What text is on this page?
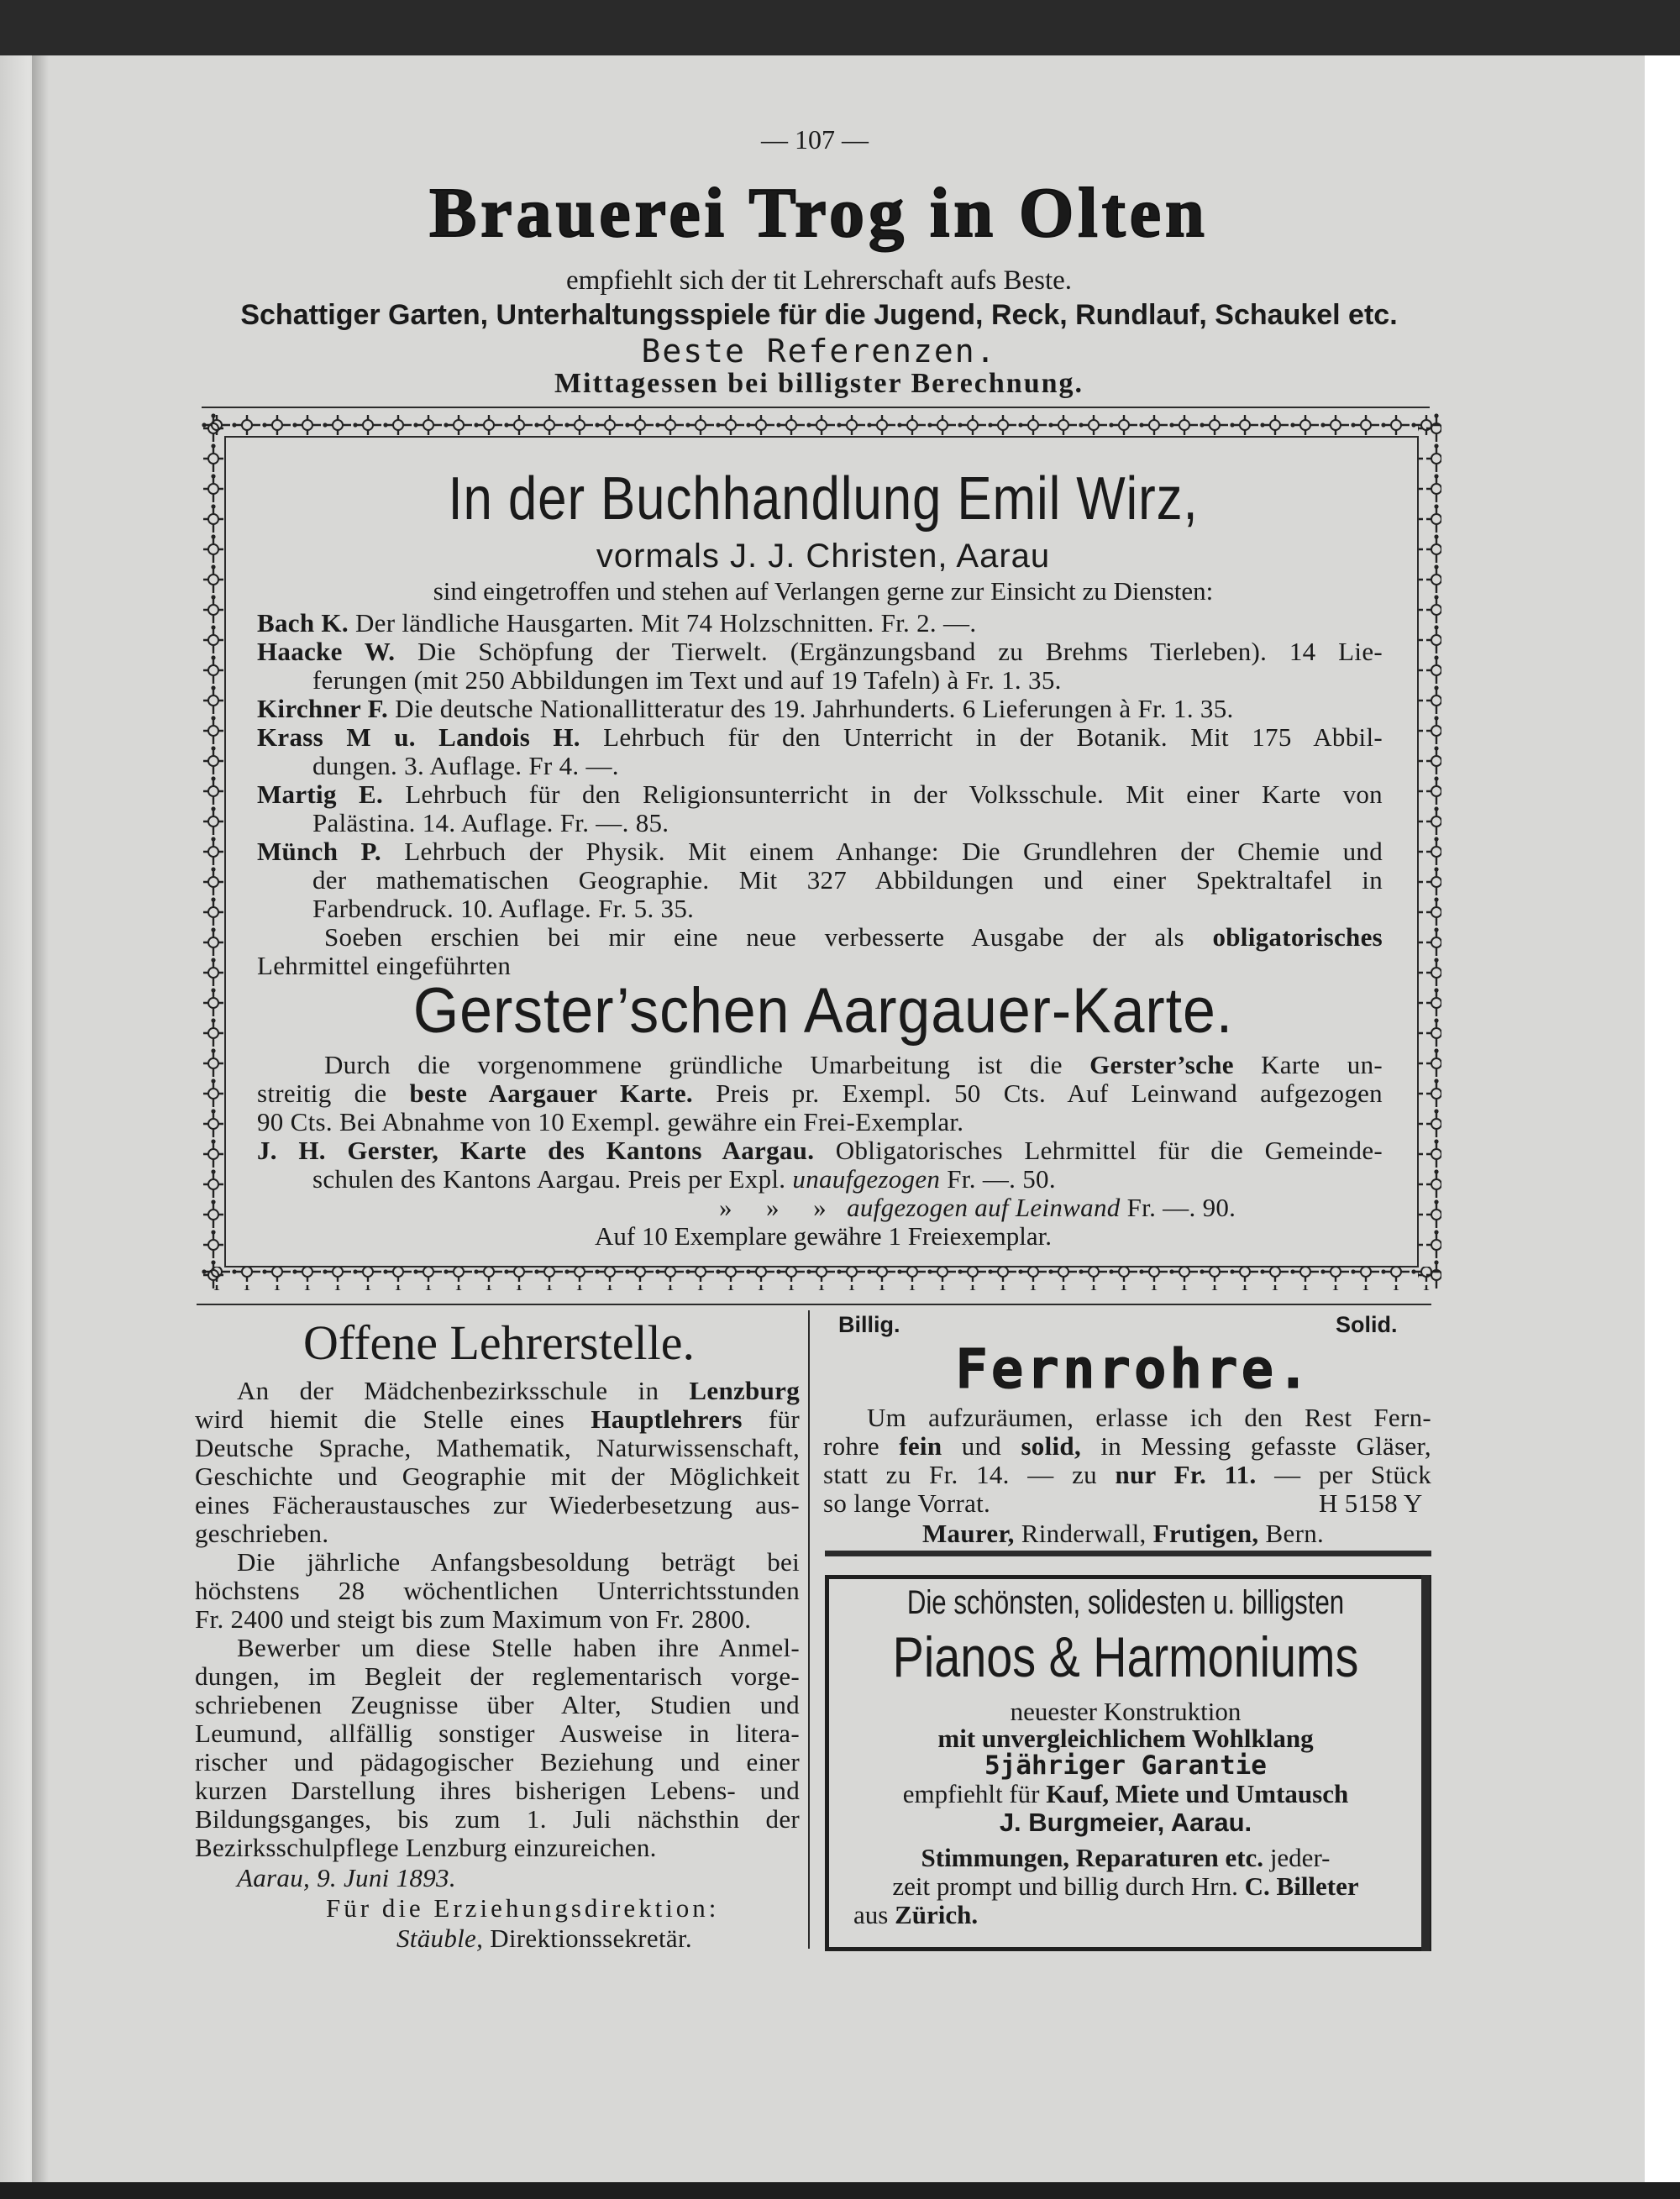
— 107 —
Brauerei Trog in Olten
empfiehlt sich der tit Lehrerschaft aufs Beste.
Schattiger Garten, Unterhaltungsspiele für die Jugend, Reck, Rundlauf, Schaukel etc.
Beste Referenzen.
Mittagessen bei billigster Berechnung.
In der Buchhandlung Emil Wirz,
vormals J. J. Christen, Aarau
sind eingetroffen und stehen auf Verlangen gerne zur Einsicht zu Diensten:
Bach K. Der ländliche Hausgarten. Mit 74 Holzschnitten. Fr. 2. —.
Haacke W. Die Schöpfung der Tierwelt. (Ergänzungsband zu Brehms Tierleben). 14 Lie-
ferungen (mit 250 Abbildungen im Text und auf 19 Tafeln) à Fr. 1. 35.
Kirchner F. Die deutsche Nationallitteratur des 19. Jahrhunderts. 6 Lieferungen à Fr. 1. 35.
Krass M u. Landois H. Lehrbuch für den Unterricht in der Botanik. Mit 175 Abbil-
dungen. 3. Auflage. Fr 4. —.
Martig E. Lehrbuch für den Religionsunterricht in der Volksschule. Mit einer Karte von
Palästina. 14. Auflage. Fr. —. 85.
Münch P. Lehrbuch der Physik. Mit einem Anhange: Die Grundlehren der Chemie und
der mathematischen Geographie. Mit 327 Abbildungen und einer Spektraltafel in
Farbendruck. 10. Auflage. Fr. 5. 35.
Soeben erschien bei mir eine neue verbesserte Ausgabe der als obligatorisches
Lehrmittel eingeführten
Gerster’schen Aargauer-Karte.
Durch die vorgenommene gründliche Umarbeitung ist die Gerster’sche Karte un-
streitig die beste Aargauer Karte. Preis pr. Exempl. 50 Cts. Auf Leinwand aufgezogen
90 Cts. Bei Abnahme von 10 Exempl. gewähre ein Frei-Exemplar.
J. H. Gerster, Karte des Kantons Aargau. Obligatorisches Lehrmittel für die Gemeinde-
schulen des Kantons Aargau. Preis per Expl. unaufgezogen Fr. —. 50.
»     »     » aufgezogen auf Leinwand Fr. —. 90.
Auf 10 Exemplare gewähre 1 Freiexemplar.
Offene Lehrerstelle.
An der Mädchenbezirksschule in Lenzburg
wird hiemit die Stelle eines Hauptlehrers für
Deutsche Sprache, Mathematik, Naturwissenschaft,
Geschichte und Geographie mit der Möglichkeit
eines Fächeraustausches zur Wiederbesetzung aus-
geschrieben.
Die jährliche Anfangsbesoldung beträgt bei
höchstens 28 wöchentlichen Unterrichtsstunden
Fr. 2400 und steigt bis zum Maximum von Fr. 2800.
Bewerber um diese Stelle haben ihre Anmel-
dungen, im Begleit der reglementarisch vorge-
schriebenen Zeugnisse über Alter, Studien und
Leumund, allfällig sonstiger Ausweise in litera-
rischer und pädagogischer Beziehung und einer
kurzen Darstellung ihres bisherigen Lebens- und
Bildungsganges, bis zum 1. Juli nächsthin der
Bezirksschulpflege Lenzburg einzureichen.
Aarau, 9. Juni 1893.
Für die Erziehungsdirektion:
Stäuble, Direktionssekretär.
Billig.	Solid.
Fernrohre.
Um aufzuräumen, erlasse ich den Rest Fern-
rohre fein und solid, in Messing gefasste Gläser,
statt zu Fr. 14. — zu nur Fr. 11. — per Stück
so lange Vorrat.	H 5158 Y
Maurer, Rinderwall, Frutigen, Bern.
Die schönsten, solidesten u. billigsten
Pianos & Harmoniums
neuester Konstruktion
mit unvergleichlichem Wohlklang
5jähriger Garantie
empfiehlt für Kauf, Miete und Umtausch
J. Burgmeier, Aarau.
Stimmungen, Reparaturen etc. jeder-
zeit prompt und billig durch Hrn. C. Billeter
aus Zürich.
